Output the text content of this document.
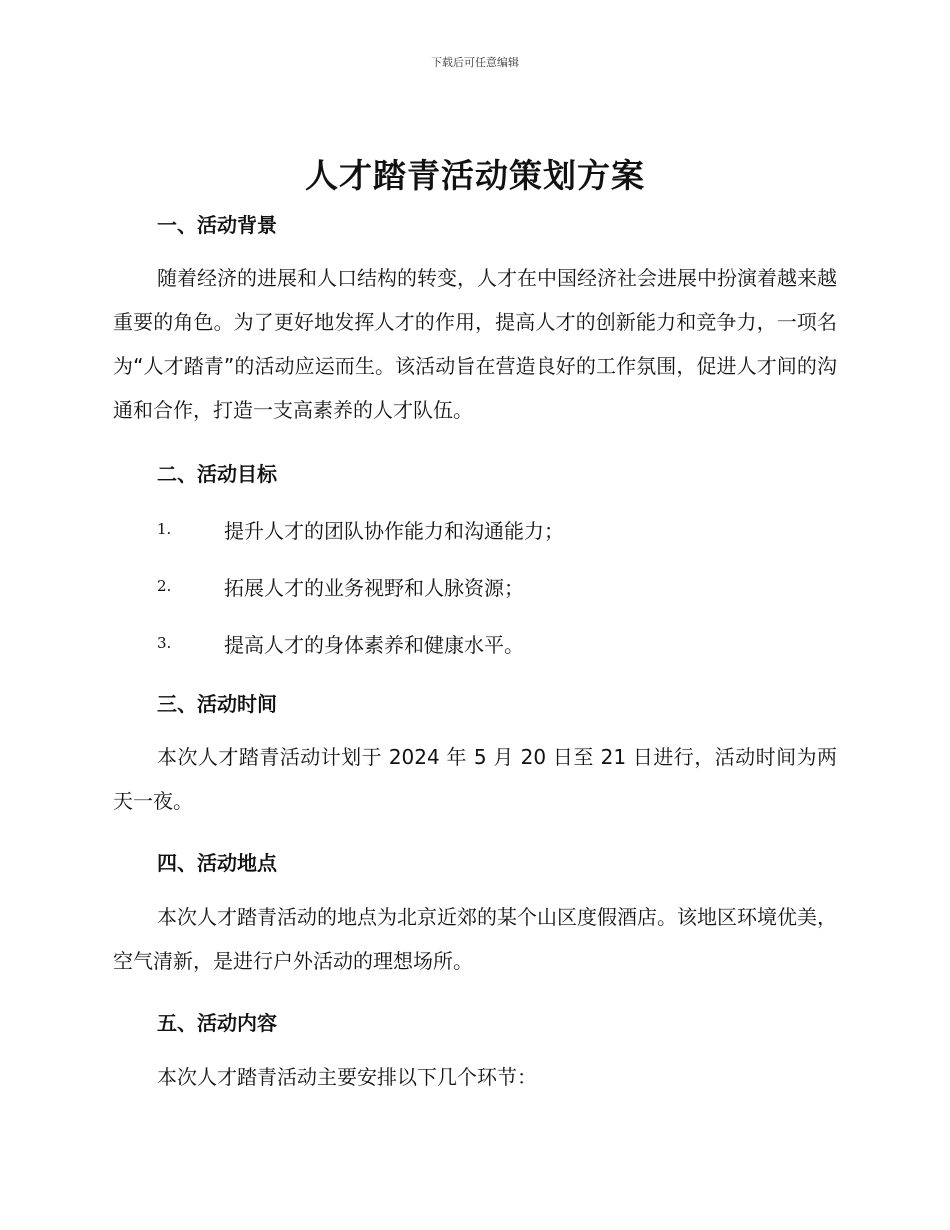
下载后可任意编辑
人才踏青活动策划方案
一、活动背景

随着经济的进展和人口结构的转变，人才在中国经济社会进展中扮演着越来越重要的角色。为了更好地发挥人才的作用，提高人才的创新能力和竞争力，一项名为“人才踏青”的活动应运而生。该活动旨在营造良好的工作氛围，促进人才间的沟通和合作，打造一支高素养的人才队伍。

二、活动目标
1.	提升人才的团队协作能力和沟通能力；
2.	拓展人才的业务视野和人脉资源；
3.	提高人才的身体素养和健康水平。
三、活动时间

本次人才踏青活动计划于 2024 年 5 月 20 日至 21 日进行，活动时间为两天一夜。

四、活动地点

本次人才踏青活动的地点为北京近郊的某个山区度假酒店。该地区环境优美，空气清新，是进行户外活动的理想场所。

五、活动内容

本次人才踏青活动主要安排以下几个环节：
